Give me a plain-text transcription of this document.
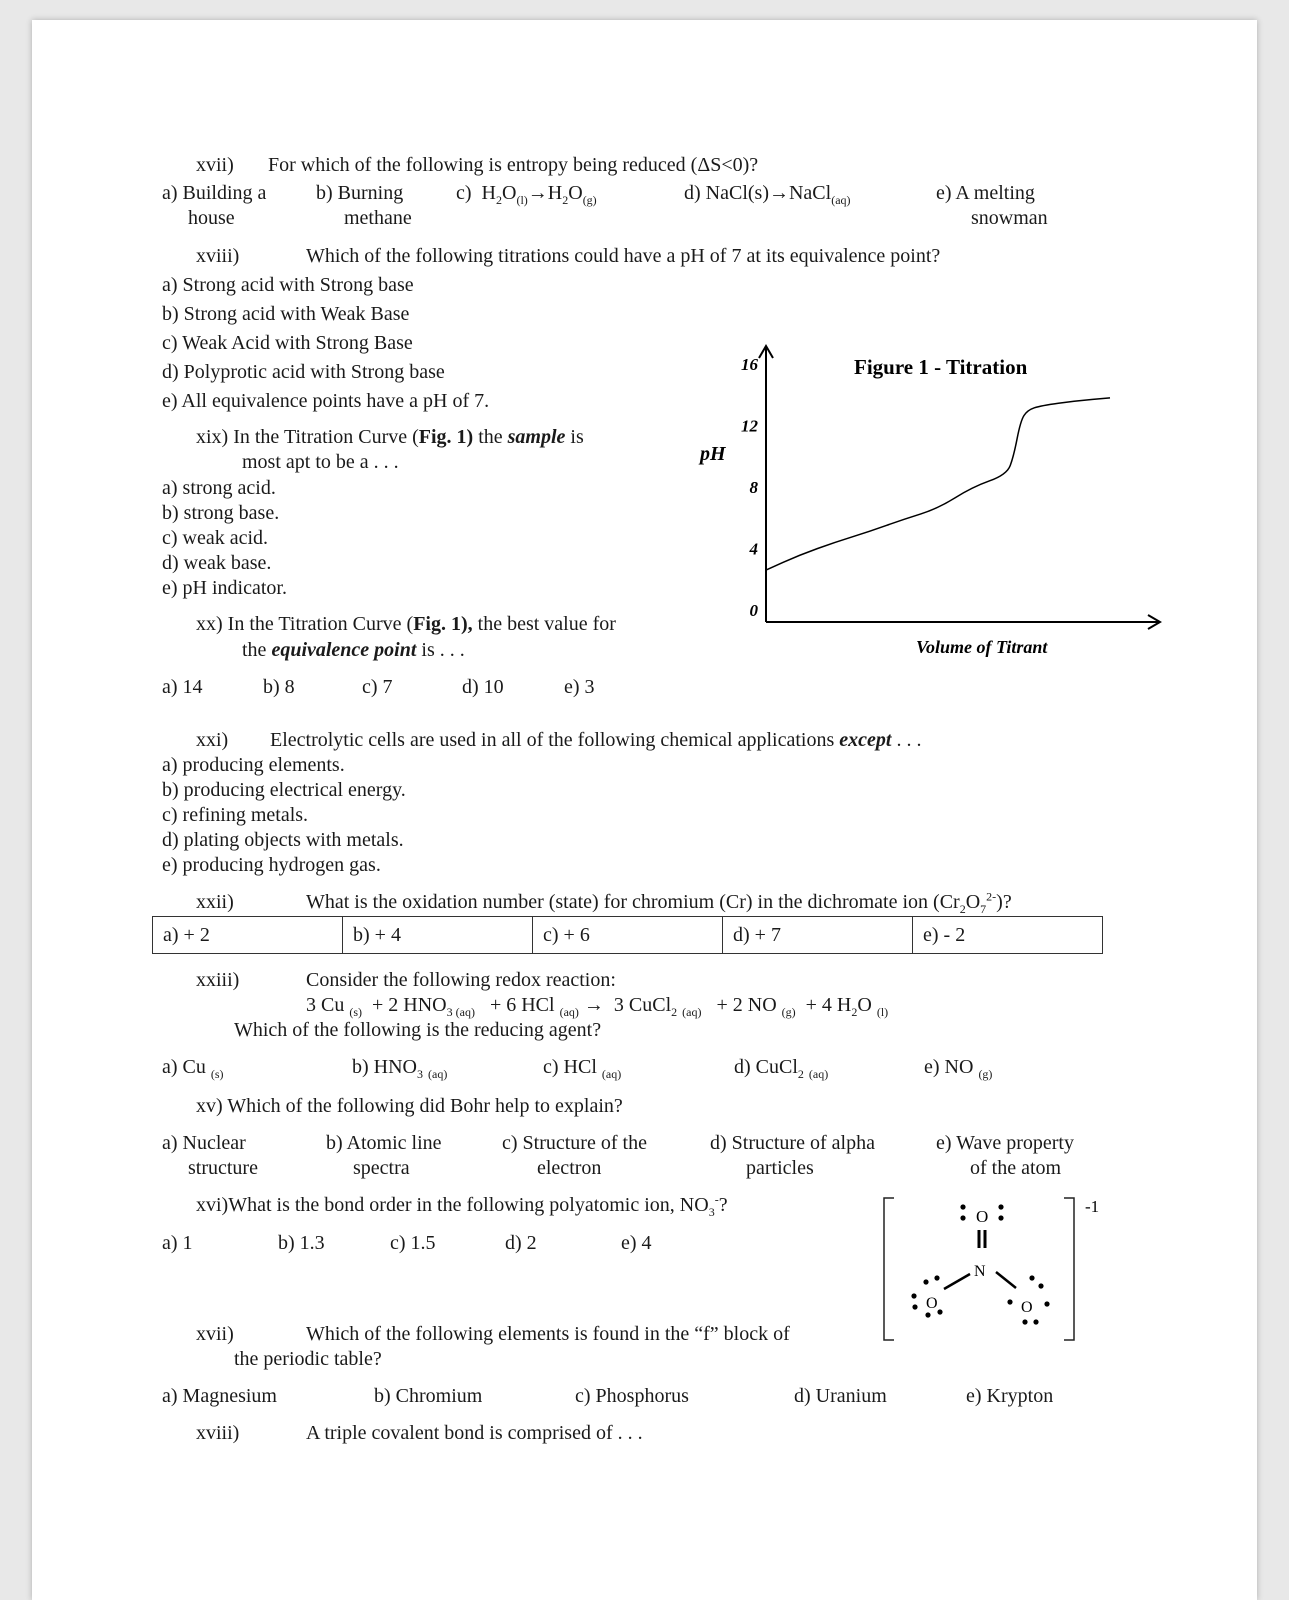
xvii) For which of the following is entropy being reduced (ΔS<0)?
a) Building a
house
b) Burning
methane
c)  $H_2O_{(l)}\to H_2O_{(g)}$	d) NaCl(s)→NaCl$_{(aq)}$	e) A melting
snowman
xviii)	Which of the following titrations could have a pH of 7 at its equivalence point?
a) Strong acid with Strong base
b) Strong acid with Weak Base
c) Weak Acid with Strong Base
d) Polyprotic acid with Strong base
e) All equivalence points have a pH of 7.
xix) In the Titration Curve (Fig. 1) the sample is
most apt to be a . . .
a) strong acid.
b) strong base.
c) weak acid.
d) weak base.
e) pH indicator.
xx) In the Titration Curve (Fig. 1), the best value for
the equivalence point is . . .
a) 14	b) 8	c) 7	d) 10	e) 3
Figure 1 - Titration
pH
Volume of Titrant
0
4
8
12
16
xxi) Electrolytic cells are used in all of the following chemical applications except . . .
a) producing elements.
b) producing electrical energy.
c) refining metals.
d) plating objects with metals.
e) producing hydrogen gas.
xxii)	What is the oxidation number (state) for chromium (Cr) in the dichromate ion $(Cr_2O_7^{2-})$?
a) + 2	b) + 4	c) + 6	d) + 7	e) - 2
xxiii)	Consider the following redox reaction:
3 Cu $_{(s)}$ + 2 $HNO_3$ $_{(aq)}$ + 6 HCl $_{(aq)}$ → 3 CuCl$_2$ $_{(aq)}$ + 2 NO $_{(g)}$ + 4 $H_2O$ $_{(l)}$
Which of the following is the reducing agent?
a) Cu $_{(s)}$	b) $HNO_3$ $_{(aq)}$	c) HCl $_{(aq)}$	d) CuCl$_2$ $_{(aq)}$	e) NO $_{(g)}$
xv) Which of the following did Bohr help to explain?
a) Nuclear
structure
b) Atomic line
spectra
c) Structure of the
electron
d) Structure of alpha
particles
e) Wave property
of the atom
xvi)What is the bond order in the following polyatomic ion, $NO_3^-$?
a) 1	b) 1.3	c) 1.5	d) 2	e) 4
-1
O
N
O	O
xvii)	Which of the following elements is found in the “f” block of
the periodic table?
a) Magnesium	b) Chromium	c) Phosphorus	d) Uranium	e) Krypton
xviii)	A triple covalent bond is comprised of . . .
